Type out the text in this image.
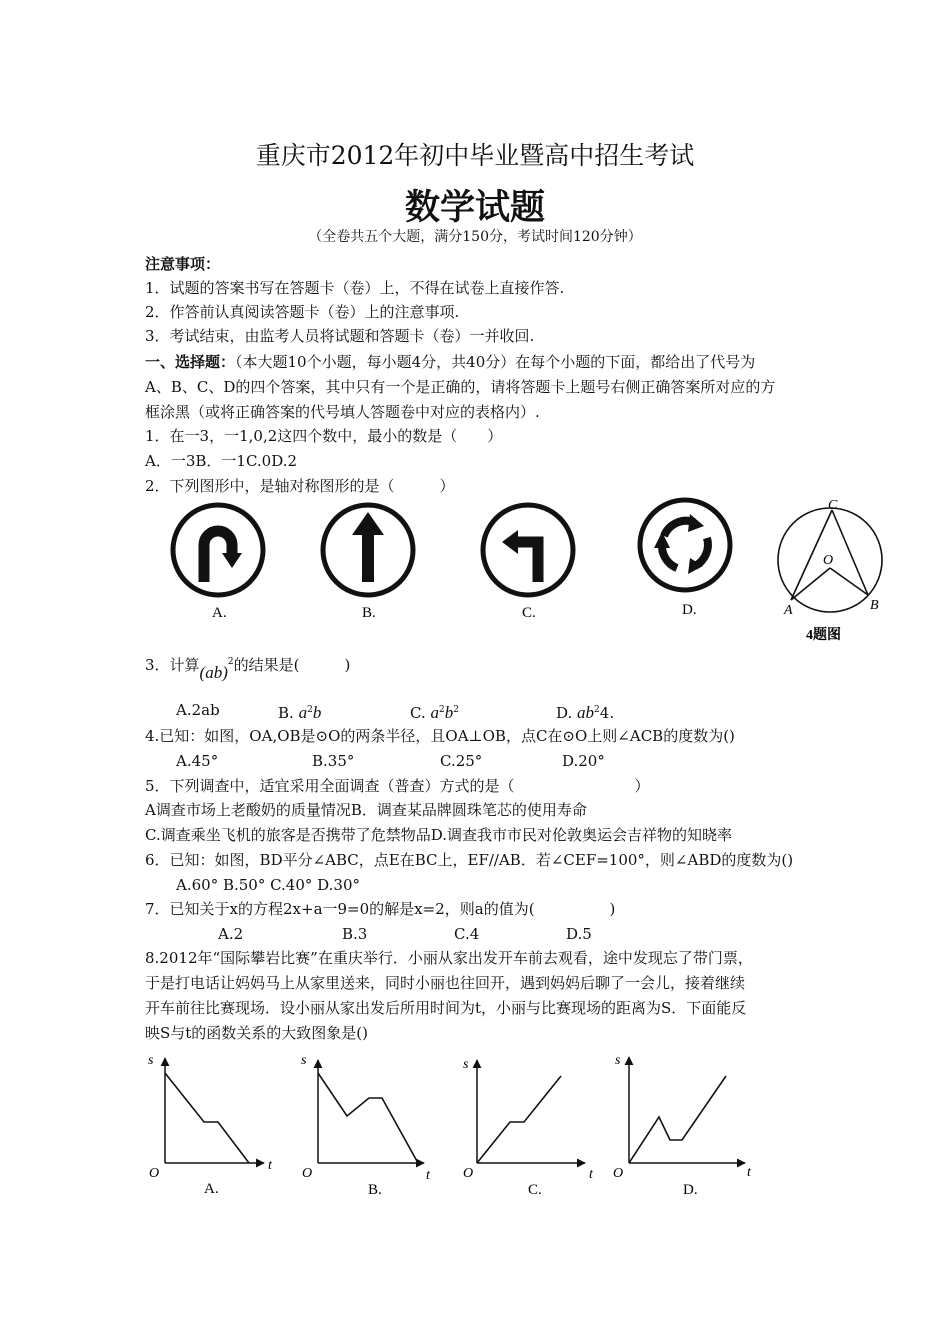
重庆市2012年初中毕业暨高中招生考试
数学试题
（全卷共五个大题，满分150分，考试时间120分钟）
注意事项：
1．试题的答案书写在答题卡（卷）上，不得在试卷上直接作答.
2．作答前认真阅读答题卡（卷）上的注意事项.
3．考试结束，由监考人员将试题和答题卡（卷）一并收回.
一、选择题：（本大题10个小题，每小题4分，共40分）在每个小题的下面，都给出了代号为
A、B、C、D的四个答案，其中只有一个是正确的，请将答题卡上题号右侧正确答案所对应的方
框涂黑（或将正确答案的代号填人答题卷中对应的表格内）.
1．在一3，一1,0,2这四个数中，最小的数是（　　）
A．一3B．一1C.0D.2
2．下列图形中，是轴对称图形的是（　　　）
A.	B.	C.	D.
C
O
A	B
4题图
3．计算(ab)$^2$的结果是(　　　)
A.2ab	B. $a^2b$	C. $a^2b^2$	D. $ab^24$.
4.已知：如图，OA,OB是⊙O的两条半径，且OA⊥OB，点C在⊙O上则∠ACB的度数为()
A.45°	B.35°	C.25°	D.20°
5．下列调查中，适宜采用全面调查（普查）方式的是（　　　　　　　　）
A调查市场上老酸奶的质量情况B．调查某品牌圆珠笔芯的使用寿命
C.调查乘坐飞机的旅客是否携带了危禁物品D.调查我市市民对伦敦奥运会吉祥物的知晓率
6．已知：如图，BD平分∠ABC，点E在BC上，EF//AB．若∠CEF=100°，则∠ABD的度数为()
A.60° B.50° C.40° D.30°
7．已知关于x的方程2x+a一9=0的解是x=2，则a的值为(　　　　　)
A.2	B.3	C.4	D.5
8.2012年“国际攀岩比赛”在重庆举行．小丽从家出发开车前去观看，途中发现忘了带门票，
于是打电话让妈妈马上从家里送来，同时小丽也往回开，遇到妈妈后聊了一会儿，接着继续
开车前往比赛现场．设小丽从家出发后所用时间为t，小丽与比赛现场的距离为S．下面能反
映S与t的函数关系的大致图象是()
s
O
t
A.
s
O	t
B.
s
O	t
C.
s
O	t
D.
